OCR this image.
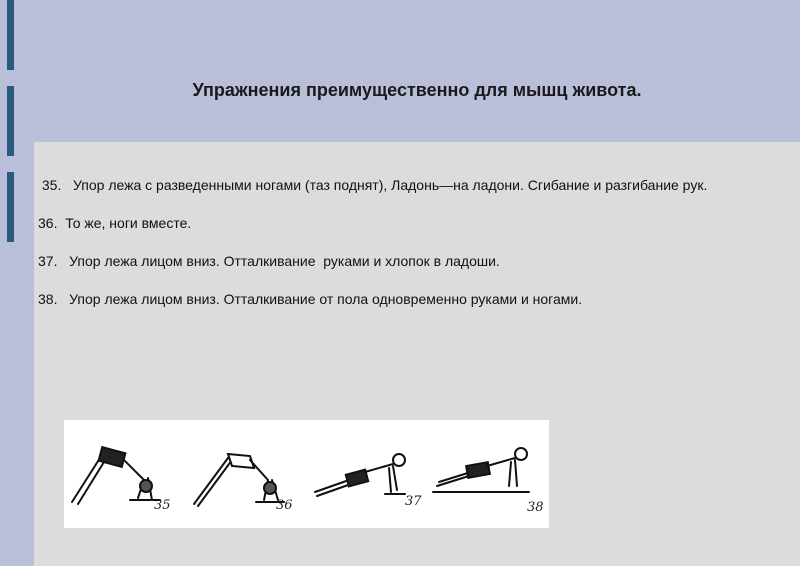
Упражнения преимущественно для мышц живота.
35.   Упор лежа с разведенными ногами (таз поднят), Ладонь—на ладони. Сгибание и разгибание рук.
36.  То же, ноги вместе.
37.   Упор лежа лицом вниз. Отталкивание  руками и хлопок в ладоши.
38.   Упор лежа лицом вниз. Отталкивание от пола одновременно руками и ногами.
35	36	37	38
